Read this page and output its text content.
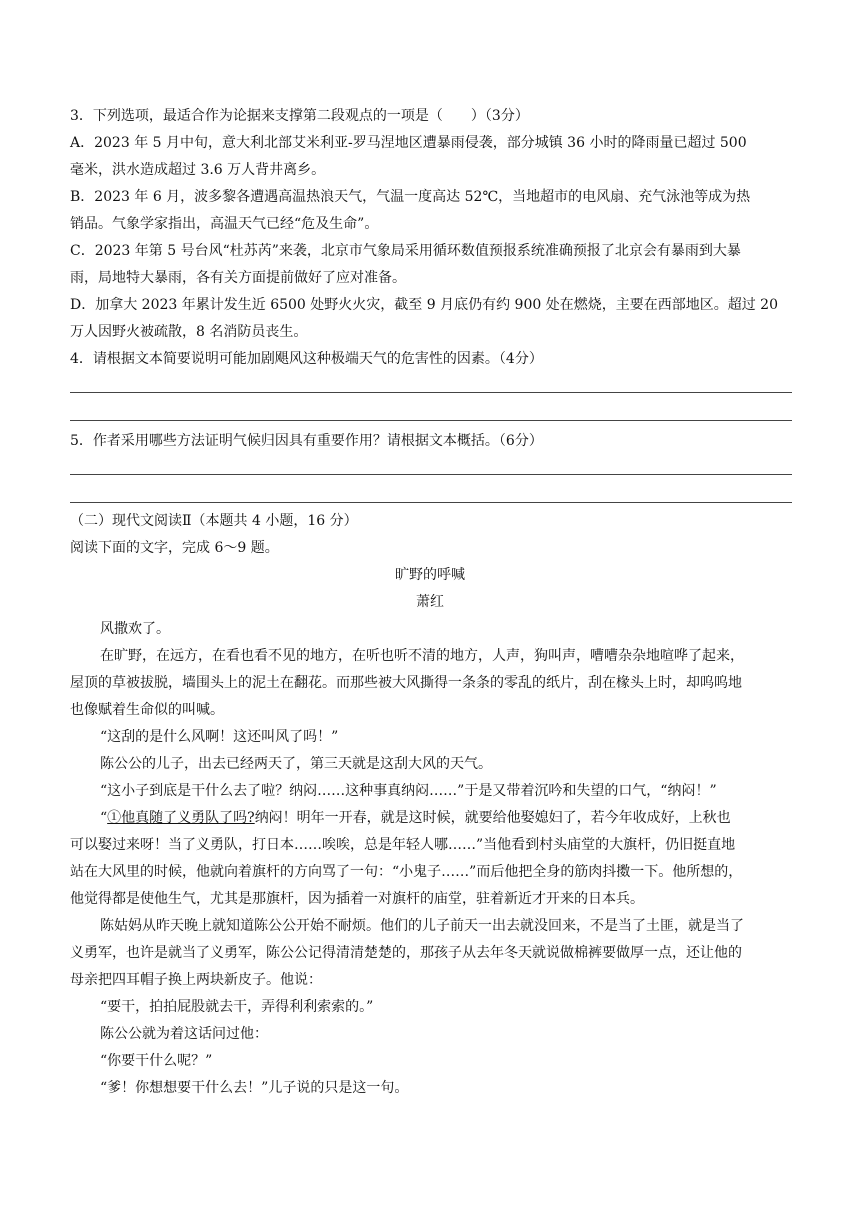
3．下列选项，最适合作为论据来支撑第二段观点的一项是（　　）（3分）
A．2023 年 5 月中旬，意大利北部艾米利亚-罗马涅地区遭暴雨侵袭，部分城镇 36 小时的降雨量已超过 500
毫米，洪水造成超过 3.6 万人背井离乡。
B．2023 年 6 月，波多黎各遭遇高温热浪天气，气温一度高达 52℃，当地超市的电风扇、充气泳池等成为热
销品。气象学家指出，高温天气已经“危及生命”。
C．2023 年第 5 号台风“杜苏芮”来袭，北京市气象局采用循环数值预报系统准确预报了北京会有暴雨到大暴
雨，局地特大暴雨，各有关方面提前做好了应对准备。
D．加拿大 2023 年累计发生近 6500 处野火火灾，截至 9 月底仍有约 900 处在燃烧，主要在西部地区。超过 20
万人因野火被疏散，8 名消防员丧生。
4．请根据文本简要说明可能加剧飓风这种极端天气的危害性的因素。（4分）
5．作者采用哪些方法证明气候归因具有重要作用？请根据文本概括。（6分）
（二）现代文阅读Ⅱ（本题共 4 小题，16 分）
阅读下面的文字，完成 6～9 题。
旷野的呼喊
萧红
风撒欢了。
在旷野，在远方，在看也看不见的地方，在听也听不清的地方，人声，狗叫声，嘈嘈杂杂地喧哗了起来，
屋顶的草被拔脱，墙围头上的泥土在翻花。而那些被大风撕得一条条的零乱的纸片，刮在椽头上时，却呜呜地
也像赋着生命似的叫喊。
“这刮的是什么风啊！这还叫风了吗！”
陈公公的儿子，出去已经两天了，第三天就是这刮大风的天气。
“这小子到底是干什么去了啦？纳闷……这种事真纳闷……”于是又带着沉吟和失望的口气，“纳闷！”
“①他真随了义勇队了吗?纳闷！明年一开春，就是这时候，就要给他娶媳妇了，若今年收成好，上秋也
可以娶过来呀！当了义勇队，打日本……唉唉，总是年轻人哪……”当他看到村头庙堂的大旗杆，仍旧挺直地
站在大风里的时候，他就向着旗杆的方向骂了一句：“小鬼子……”而后他把全身的筋肉抖擞一下。他所想的，
他觉得都是使他生气，尤其是那旗杆，因为插着一对旗杆的庙堂，驻着新近才开来的日本兵。
陈姑妈从昨天晚上就知道陈公公开始不耐烦。他们的儿子前天一出去就没回来，不是当了土匪，就是当了
义勇军，也许是就当了义勇军，陈公公记得清清楚楚的，那孩子从去年冬天就说做棉裤要做厚一点，还让他的
母亲把四耳帽子换上两块新皮子。他说：
“要干，拍拍屁股就去干，弄得利利索索的。”
陈公公就为着这话问过他：
“你要干什么呢？”
“爹！你想想要干什么去！”儿子说的只是这一句。
